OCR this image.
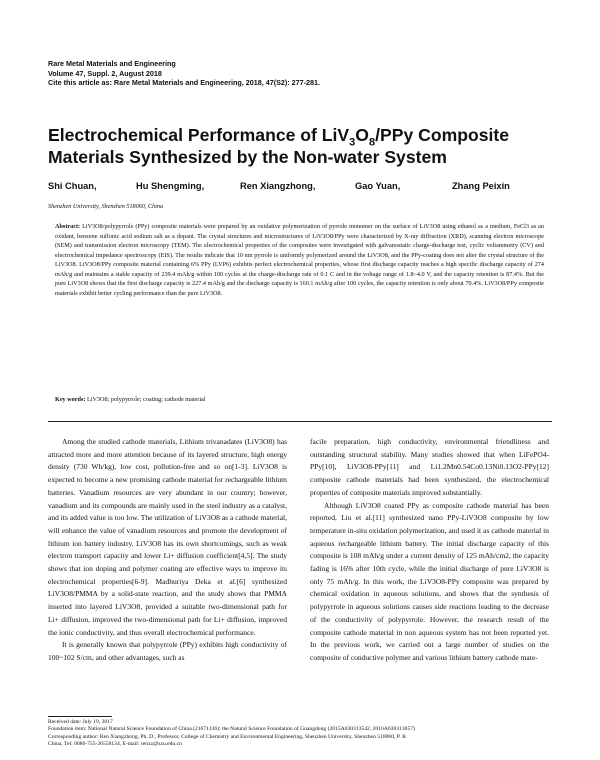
Rare Metal Materials and Engineering
Volume 47, Suppl. 2, August 2018
Cite this article as: Rare Metal Materials and Engineering, 2018, 47(S2): 277-281.
Electrochemical Performance of $LiV_3O_8$/PPy Composite
Materials Synthesized by the Non-water System
Shi Chuan,	Hu Shengming,	Ren Xiangzhong,	Gao Yuan,	Zhang Peixin
Shenzhen University, Shenzhen 518060, China
Abstract: LiV3O8/polypyrrole (PPy) composite materials were prepared by an oxidative polymerization of pyrrole monomer on the surface of LiV3O8 using ethanol as a medium, FeCl3 as an oxidant, benzene sulfonic acid sodium salt as a dopant. The crystal structures and microstructures of LiV3O8/PPy were characterized by X-ray diffraction (XRD), scanning electron microscope (SEM) and transmission electron microscopy (TEM). The electrochemical properties of the composites were investigated with galvanostatic charge-discharge test, cyclic voltammetry (CV) and electrochemical impedance spectroscopy (EIS). The results indicate that 10 nm pyrrole is uniformly polymerized around the LiV3O8, and the PPy-coating does not alter the crystal structure of the LiV3O8. LiV3O8/PPy composite material containing 6% PPy (LVP6) exhibits perfect electrochemical properties, whose first discharge capacity reaches a high specific discharge capacity of 274 mAh/g and maintains a stable capacity of 239.4 mAh/g within 100 cycles at the charge-discharge rate of 0.1 C and in the voltage range of 1.8~4.0 V, and the capacity retention is 87.4%. But the pure LiV3O8 shows that the first discharge capacity is 227.4 mAh/g and the discharge capacity is 160.1 mAh/g after 100 cycles, the capacity retention is only about 70.4%. LiV3O8/PPy composite materials exhibit better cycling performance than the pure LiV3O8.
Key words: LiV3O8; polypyrrole; coating; cathode material

Among the studied cathode materials, Lithium trivanadates (LiV3O8) has attracted more and more attention because of its layered structure, high energy density (730 Wh/kg), low cost, pollution-free and so on[1-3]. LiV3O8 is expected to become a new promising cathode material for rechargeable lithium batteries. Vanadium resources are very abundant in our country; however, vanadium and its compounds are mainly used in the steel industry as a catalyst, and its added value is too low. The utilization of LiV3O8 as a cathode material, will enhance the value of vanadium resources and promote the development of lithium ion battery industry. LiV3O8 has its own shortcomings, such as weak electron transport capacity and lower Li+ diffusion coefficient[4,5]. The study shows that ion doping and polymer coating are effective ways to improve its electrochemical properties[6-9]. Madhuriya Deka et al.[6] synthesized LiV3O8/PMMA by a solid-state reaction, and the study shows that PMMA inserted into layered LiV3O8, provided a suitable two-dimensional path for Li+ diffusion, improved the two-dimensional path for Li+ diffusion, improved the ionic conductivity, and thus overall electrochemical performance.

It is generally known that polypyrrole (PPy) exhibits high conductivity of 100~102 S/cm, and other advantages, such as

facile preparation, high conductivity, environmental friendliness and outstanding structural stability. Many studies showed that when LiFePO4-PPy[10], LiV3O8-PPy[11] and Li1.2Mn0.54Co0.13Ni0.13O2-PPy[12] composite cathode materials had been synthesized, the electrochemical properties of composite materials improved substantially.

Although LiV3O8 coated PPy as composite cathode material has been reported, Liu et al.[11] synthesized nano PPy-LiV3O8 composite by low temperature in-situ oxidation polymerization, and used it as cathode material in aqueous rechargeable lithium battery. The initial discharge capacity of this composite is 108 mAh/g under a current density of 125 mAh/cm2, the capacity fading is 16% after 10th cycle, while the initial discharge of pure LiV3O8 is only 75 mAh/g. In this work, the LiV3O8-PPy composite was prepared by chemical oxidation in aqueous solutions, and shows that the synthesis of polypyrrole in aqueous solutions causes side reactions leading to the decrease of the conductivity of polypyrrole. However, the research result of the composite cathode material in non aqueous system has not been reported yet. In the previous work, we carried out a large number of studies on the composite of conductive polymer and various lithium battery cathode mate-

Received date: July 19, 2017
Foundation item: National Natural Science Foundation of China (21671136); the Natural Science Foundation of Guangdong (2015A030313542, 2016A030313057)
Corresponding author: Ren Xiangzhong, Ph. D., Professor, College of Chemistry and Environmental Engineering, Shenzhen University, Shenzhen 518060, P. R.
China, Tel: 0086-755-26558134, E-mail: renxz@szu.edu.cn
